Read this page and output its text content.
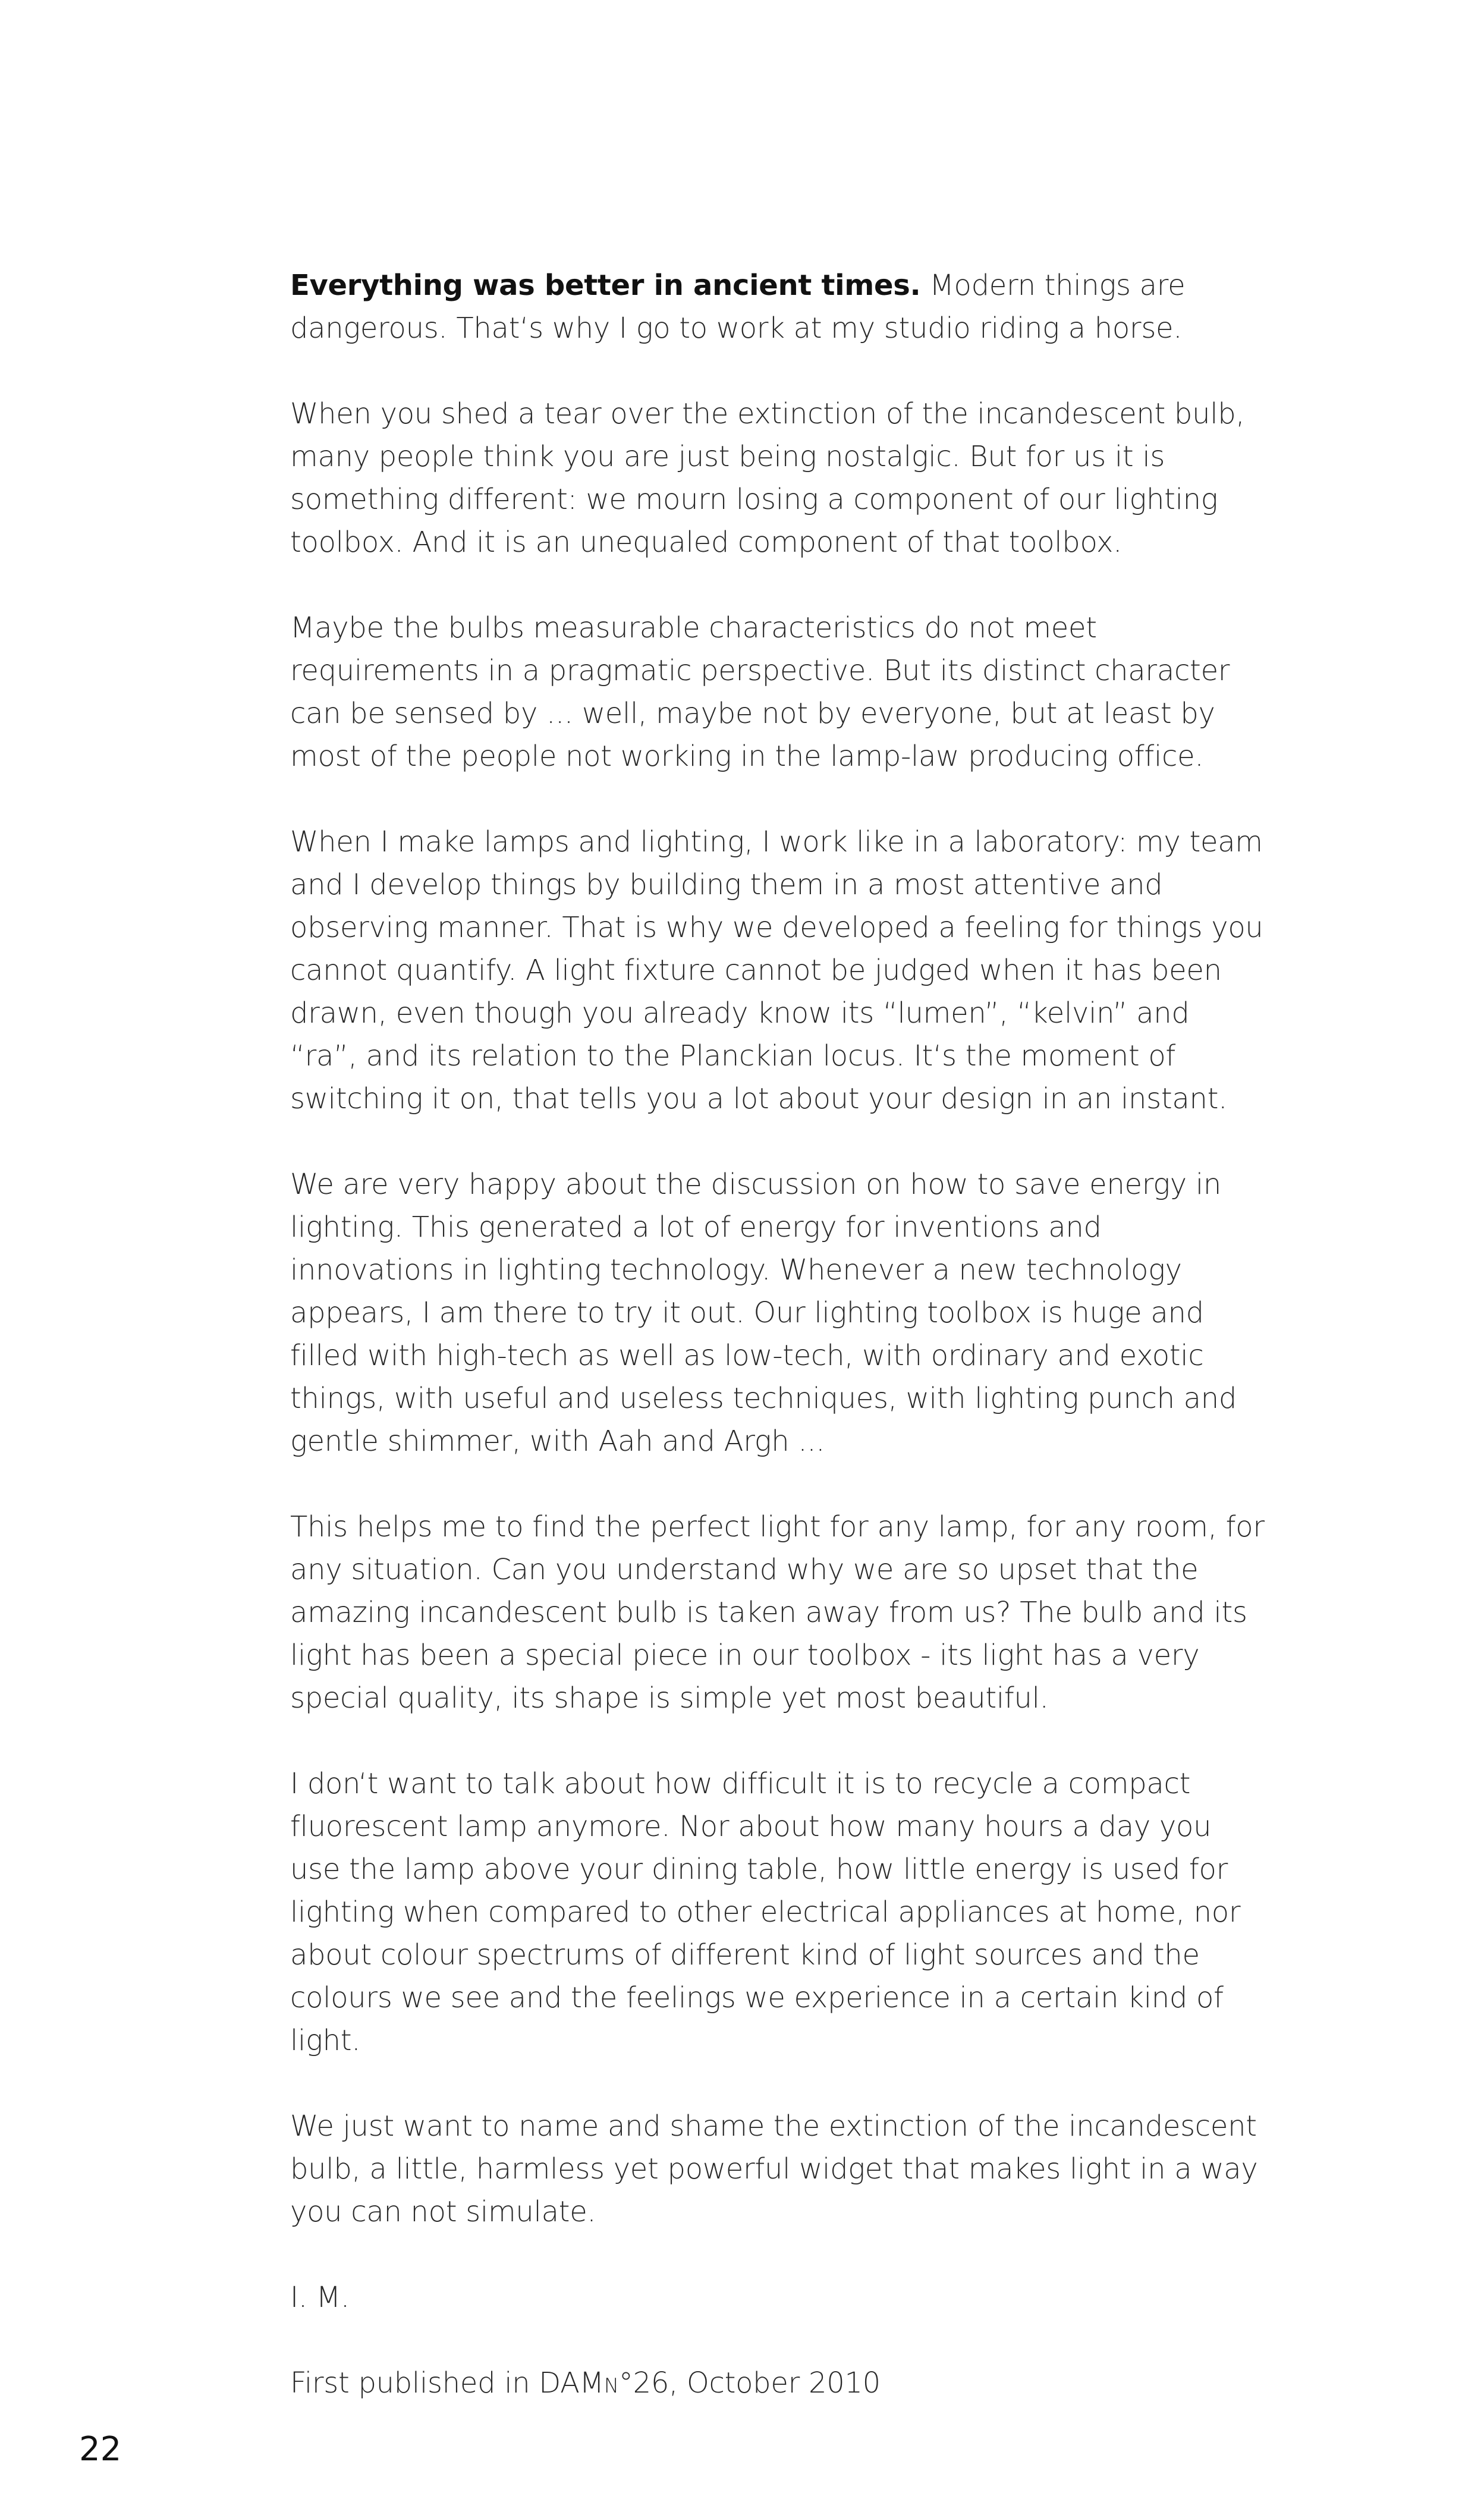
Everything was better in ancient times. Modern things are dangerous. That‘s why I go to work at my studio riding a horse.

When you shed a tear over the extinction of the incandescent bulb, many people think you are just being nostalgic. But for us it is something different: we mourn losing a component of our lighting toolbox. And it is an unequaled component of that toolbox.

Maybe the bulbs measurable characteristics do not meet requirements in a pragmatic perspective. But its distinct character can be sensed by ... well, maybe not by everyone, but at least by most of the people not working in the lamp-law producing office.

When I make lamps and lighting, I work like in a laboratory: my team and I develop things by building them in a most attentive and observing manner. That is why we developed a feeling for things you cannot quantify. A light fixture cannot be judged when it has been drawn, even though you already know its “lumen”, “kelvin” and “ra”, and its relation to the Planckian locus. It‘s the moment of switching it on, that tells you a lot about your design in an instant.

We are very happy about the discussion on how to save energy in lighting. This generated a lot of energy for inventions and innovations in lighting technology. Whenever a new technology appears, I am there to try it out. Our lighting toolbox is huge and filled with high-tech as well as low-tech, with ordinary and exotic things, with useful and useless techniques, with lighting punch and gentle shimmer, with Aah and Argh ...

This helps me to find the perfect light for any lamp, for any room, for any situation. Can you understand why we are so upset that the amazing incandescent bulb is taken away from us? The bulb and its light has been a special piece in our toolbox - its light has a very special quality, its shape is simple yet most beautiful.

I don‘t want to talk about how difficult it is to recycle a compact fluorescent lamp anymore. Nor about how many hours a day you use the lamp above your dining table, how little energy is used for lighting when compared to other electrical appliances at home, nor about colour spectrums of different kind of light sources and the colours we see and the feelings we experience in a certain kind of light.

We just want to name and shame the extinction of the incandescent bulb, a little, harmless yet powerful widget that makes light in a way you can not simulate.

I. M.

First published in DAMn°26, October 2010

22
